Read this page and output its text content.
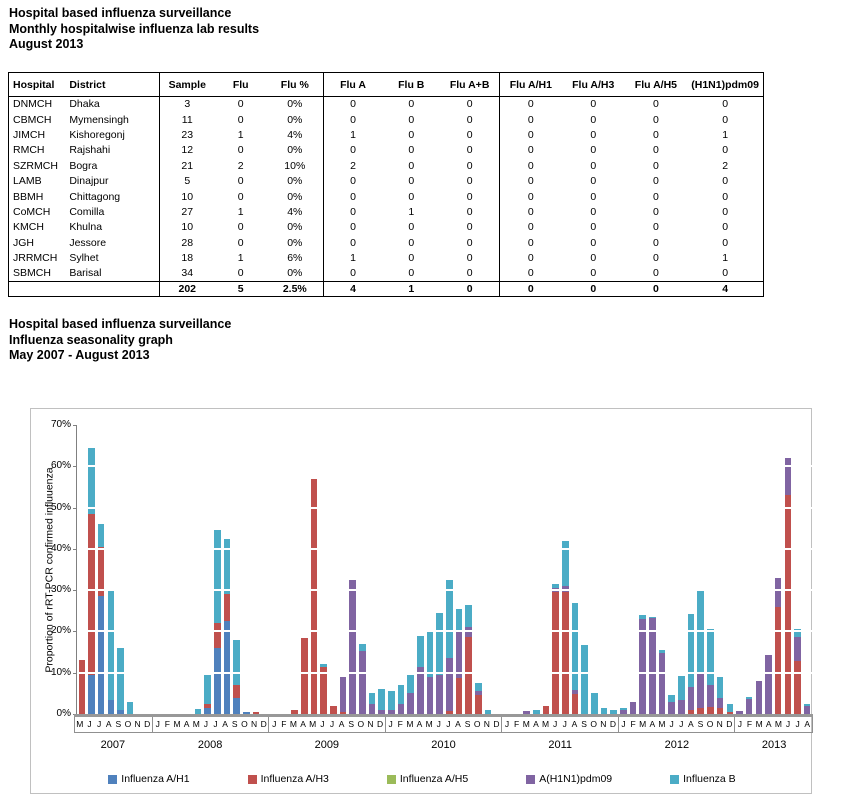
Hospital based influenza surveillance
Monthly hospitalwise influenza lab results
August 2013
Hospital	District	Sample	Flu	Flu %	Flu A	Flu B	Flu A+B	Flu A/H1	Flu A/H3	Flu A/H5	(H1N1)pdm09
DNMCH	Dhaka	3	0	0%	0	0	0	0	0	0	0
CBMCH	Mymensingh	11	0	0%	0	0	0	0	0	0	0
JIMCH	Kishoregonj	23	1	4%	1	0	0	0	0	0	1
RMCH	Rajshahi	12	0	0%	0	0	0	0	0	0	0
SZRMCH	Bogra	21	2	10%	2	0	0	0	0	0	2
LAMB	Dinajpur	5	0	0%	0	0	0	0	0	0	0
BBMH	Chittagong	10	0	0%	0	0	0	0	0	0	0
CoMCH	Comilla	27	1	4%	0	1	0	0	0	0	0
KMCH	Khulna	10	0	0%	0	0	0	0	0	0	0
JGH	Jessore	28	0	0%	0	0	0	0	0	0	0
JRRMCH	Sylhet	18	1	6%	1	0	0	0	0	0	1
SBMCH	Barisal	34	0	0%	0	0	0	0	0	0	0
		202	5	2.5%	4	1	0	0	0	0	4
Hospital based influenza surveillance
Influenza seasonality graph
May 2007 - August 2013
Proportion of rRT-PCR confirmed influuenza
0%
10%
20%
30%
40%
50%
60%
70%
M J J A S O N D J F M A M J J A S O N D J F M A M J J A S O N D J F M A M J J A S O N D J F M A M J J A S O N D J F M A M J J A S O N D J F M A M J J A
2007	2008	2009	2010	2011	2012	2013
Influenza A/H1	Influenza A/H3	Influenza A/H5	A(H1N1)pdm09	Influenza B
